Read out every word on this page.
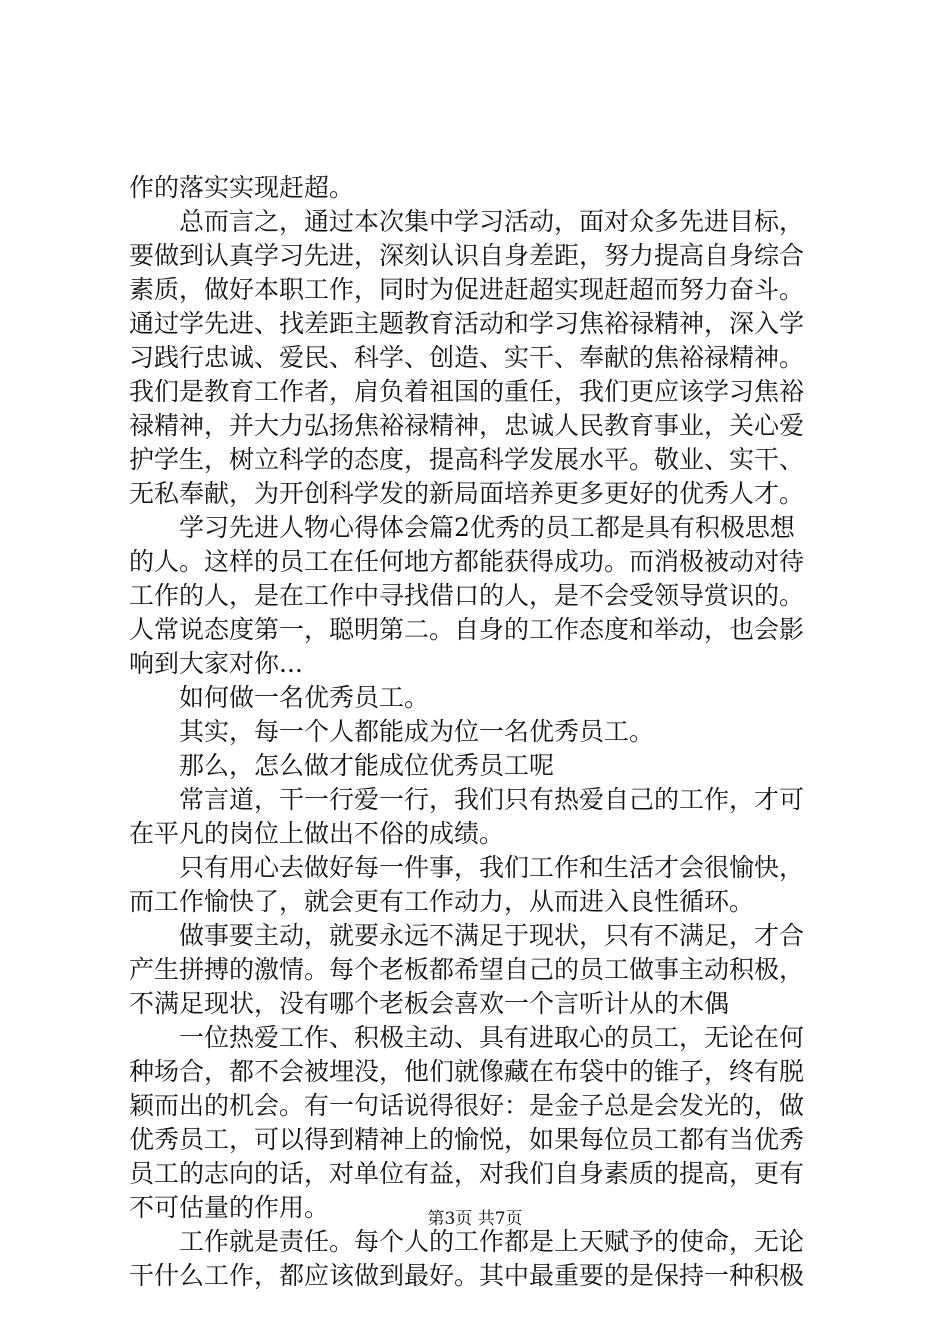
作的落实实现赶超。
总而言之，通过本次集中学习活动，面对众多先进目标，
要做到认真学习先进，深刻认识自身差距，努力提高自身综合
素质，做好本职工作，同时为促进赶超实现赶超而努力奋斗。
通过学先进、找差距主题教育活动和学习焦裕禄精神，深入学
习践行忠诚、爱民、科学、创造、实干、奉献的焦裕禄精神。
我们是教育工作者，肩负着祖国的重任，我们更应该学习焦裕
禄精神，并大力弘扬焦裕禄精神，忠诚人民教育事业，关心爱
护学生，树立科学的态度，提高科学发展水平。敬业、实干、
无私奉献，为开创科学发的新局面培养更多更好的优秀人才。
学习先进人物心得体会篇2优秀的员工都是具有积极思想
的人。这样的员工在任何地方都能获得成功。而消极被动对待
工作的人，是在工作中寻找借口的人，是不会受领导赏识的。
人常说态度第一，聪明第二。自身的工作态度和举动，也会影
响到大家对你...
如何做一名优秀员工。
其实，每一个人都能成为位一名优秀员工。
那么，怎么做才能成位优秀员工呢
常言道，干一行爱一行，我们只有热爱自己的工作，才可
在平凡的岗位上做出不俗的成绩。
只有用心去做好每一件事，我们工作和生活才会很愉快，
而工作愉快了，就会更有工作动力，从而进入良性循环。
做事要主动，就要永远不满足于现状，只有不满足，才合
产生拼搏的激情。每个老板都希望自己的员工做事主动积极，
不满足现状，没有哪个老板会喜欢一个言听计从的木偶
一位热爱工作、积极主动、具有进取心的员工，无论在何
种场合，都不会被埋没，他们就像藏在布袋中的锥子，终有脱
颖而出的机会。有一句话说得很好：是金子总是会发光的，做
优秀员工，可以得到精神上的愉悦，如果每位员工都有当优秀
员工的志向的话，对单位有益，对我们自身素质的提高，更有
不可估量的作用。
工作就是责任。每个人的工作都是上天赋予的使命，无论
干什么工作，都应该做到最好。其中最重要的是保持一种积极
第3页 共7页
